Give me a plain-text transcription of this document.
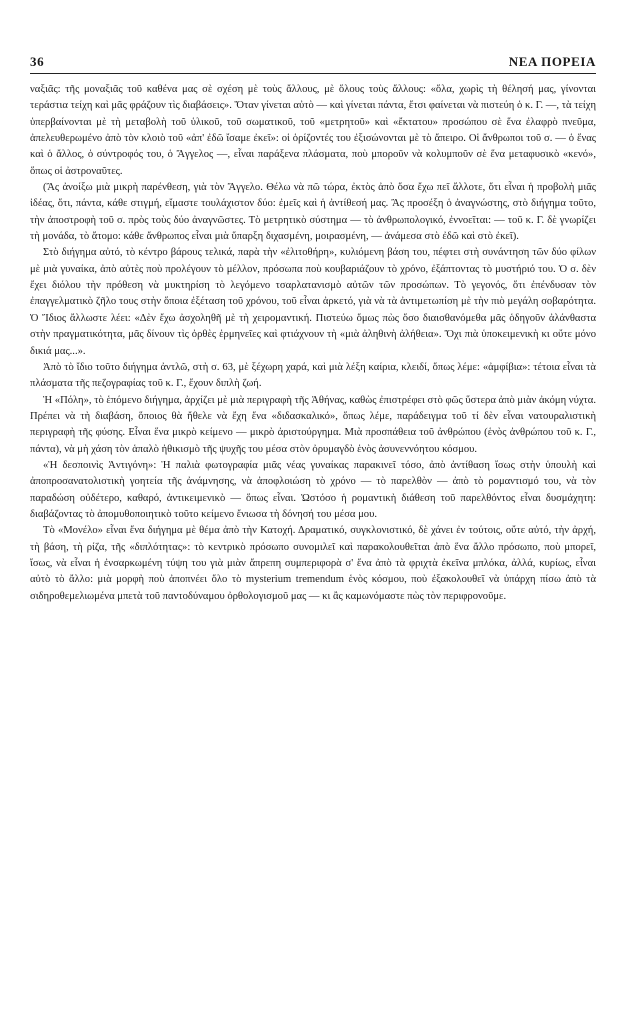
36	ΝΕΑ ΠΟΡΕΙΑ

ναξιᾶς: τῆς μοναξιᾶς τοῦ καθένα μας σὲ σχέση μὲ τοὺς ἄλλους, μὲ ὅλους τοὺς ἄλλους: «ὅλα, χωρὶς τὴ θέλησή μας, γίνονται τεράστια τείχη καὶ μᾶς φράζουν τὶς διαβάσεις». Ὅταν γίνεται αὐτὸ — καὶ γίνεται πάντα, ἔτσι φαίνεται νὰ πιστεύη ὁ κ. Γ. —, τὰ τείχη ὑπερβαίνονται μὲ τὴ μεταβολὴ τοῦ ὑλικοῦ, τοῦ σωματικοῦ, τοῦ «μετρητοῦ» καὶ «ἔκτατου» προσώπου σὲ ἕνα ἐλαφρὸ πνεῦμα, ἀπελευθερωμένο ἀπὸ τὸν κλοιὸ τοῦ «ἀπ' ἐδῶ ἴσαμε ἐκεῖ»: οἱ ὁρίζοντές του ἐξισώνονται μὲ τὸ ἄπειρο. Οἱ ἄνθρωποι τοῦ σ. — ὁ ἕνας καὶ ὁ ἄλλος, ὁ σύντροφός του, ὁ Ἄγγελος —, εἶναι παράξενα πλάσματα, ποὺ μποροῦν νὰ κολυμποῦν σὲ ἕνα μεταφυσικὸ «κενό», ὅπως οἱ ἀστροναῦτες.

(Ἂς ἀνοίξω μιὰ μικρὴ παρένθεση, γιὰ τὸν Ἄγγελο. Θέλω νὰ πῶ τώρα, ἐκτὸς ἀπὸ ὅσα ἔχω πεῖ ἄλλοτε, ὅτι εἶναι ἡ προβολὴ μιᾶς ἰδέας, ὅτι, πάντα, κάθε στιγμή, εἴμαστε τουλάχιστον δύο: ἐμεῖς καὶ ἡ ἀντίθεσή μας. Ἂς προσέξη ὁ ἀναγνώστης, στὸ διήγημα τοῦτο, τὴν ἀποστροφὴ τοῦ σ. πρὸς τοὺς δύο ἀναγνῶστες. Τὸ μετρητικὸ σύστημα — τὸ ἀνθρωπολογικό, ἐννοεῖται: — τοῦ κ. Γ. δὲ γνωρίζει τὴ μονάδα, τὸ ἄτομο: κάθε ἄνθρωπος εἶναι μιὰ ὕπαρξη διχασμένη, μοιρασμένη, — ἀνάμεσα στὸ ἐδῶ καὶ στὸ ἐκεῖ).

Στὸ διήγημα αὐτό, τὸ κέντρο βάρους τελικά, παρὰ τὴν «ἐλιτοθήρη», κυλιόμενη βάση του, πέφτει στὴ συνάντηση τῶν δύο φίλων μὲ μιὰ γυναίκα, ἀπὸ αὐτὲς ποὺ προλέγουν τὸ μέλλον, πρόσωπα ποὺ κουβαριάζουν τὸ χρόνο, ἐξάπτοντας τὸ μυστήριό του. Ὁ σ. δὲν ἔχει διόλου τὴν πρόθεση νὰ μυκτηρίση τὸ λεγόμενο τσαρλατανισμὸ αὐτῶν τῶν προσώπων. Τὸ γεγονός, ὅτι ἐπένδυσαν τὸν ἐπαγγελματικὸ ζῆλο τους στὴν ὅποια ἐξέταση τοῦ χρόνου, τοῦ εἶναι ἀρκετό, γιὰ νὰ τὰ ἀντιμετωπίση μὲ τὴν πιὸ μεγάλη σοβαρότητα. Ὁ Ἴδιος ἄλλωστε λέει: «Δὲν ἔχω ἀσχοληθῆ μὲ τὴ χειρομαντική. Πιστεύω ὅμως πὼς ὅσο διαισθανόμεθα μᾶς ὁδηγοῦν ἀλάνθαστα στὴν πραγματικότητα, μᾶς δίνουν τὶς ὀρθὲς ἑρμηνεῖες καὶ φτιάχνουν τὴ «μιὰ ἀληθινὴ ἀλήθεια». Ὄχι πιὰ ὑποκειμενικὴ κι οὔτε μόνο δικιά μας...».

Ἀπὸ τὸ ἴδιο τοῦτο διήγημα ἀντλῶ, στὴ σ. 63, μὲ ξέχωρη χαρά, καὶ μιὰ λέξη καίρια, κλειδί, ὅπως λέμε: «ἀμφίβια»: τέτοια εἶναι τὰ πλάσματα τῆς πεζογραφίας τοῦ κ. Γ., ἔχουν διπλὴ ζωή.

Ἡ «Πόλη», τὸ ἑπόμενο διήγημα, ἀρχίζει μὲ μιὰ περιγραφὴ τῆς Ἀθήνας, καθὼς ἐπιστρέφει στὸ φῶς ὕστερα ἀπὸ μιὰν ἀκόμη νύχτα. Πρέπει νὰ τὴ διαβάση, ὅποιος θὰ ἤθελε νὰ ἔχη ἕνα «διδασκαλικό», ὅπως λέμε, παράδειγμα τοῦ τί δὲν εἶναι νατουραλιστικὴ περιγραφὴ τῆς φύσης. Εἶναι ἕνα μικρὸ κείμενο — μικρὸ ἀριστούργημα. Μιὰ προσπάθεια τοῦ ἀνθρώπου (ἑνὸς ἀνθρώπου τοῦ κ. Γ., πάντα), νὰ μὴ χάση τὸν ἁπαλὸ ἠθικισμὸ τῆς ψυχῆς του μέσα στὸν ὀρυμαγδὸ ἑνὸς ἀσυνεννόητου κόσμου.

«Ἡ δεσποινὶς Ἀντιγόνη»: Ἡ παλιὰ φωτογραφία μιᾶς νέας γυναίκας παρακινεῖ τόσο, ἀπὸ ἀντίθαση ἴσως στὴν ὑπουλὴ καὶ ἀποπροσανατολιστικὴ γοητεία τῆς ἀνάμνησης, νὰ ἀποφλοιώση τὸ χρόνο — τὸ παρελθὸν — ἀπὸ τὸ ρομαντισμό του, νὰ τὸν παραδώση οὐδέτερο, καθαρό, ἀντικειμενικὸ — ὅπως εἶναι. Ὡστόσο ἡ ρομαντικὴ διάθεση τοῦ παρελθόντος εἶναι δυσμάχητη: διαβάζοντας τὸ ἀπομυθοποιητικὸ τοῦτο κείμενο ἔνιωσα τὴ δόνησή του μέσα μου.

Τὸ «Μονέλο» εἶναι ἕνα διήγημα μὲ θέμα ἀπὸ τὴν Κατοχή. Δραματικό, συγκλονιστικό, δὲ χάνει ἐν τούτοις, οὔτε αὐτό, τὴν ἀρχή, τὴ βάση, τὴ ρίζα, τῆς «διπλότητας»: τὸ κεντρικὸ πρόσωπο συνομιλεῖ καὶ παρακολουθεῖται ἀπὸ ἕνα ἄλλο πρόσωπο, ποὺ μπορεῖ, ἴσως, νὰ εἶναι ἡ ἐνσαρκωμένη τύψη του γιὰ μιὰν ἄπρεπη συμπεριφορὰ σ' ἕνα ἀπὸ τὰ φριχτὰ ἐκεῖνα μπλόκα, ἀλλά, κυρίως, εἶναι αὐτὸ τὸ ἄλλο: μιὰ μορφὴ ποὺ ἀποπνέει ὅλο τὸ mysterium tremendum ἑνὸς κόσμου, ποὺ ἐξακολουθεῖ νὰ ὑπάρχη πίσω ἀπὸ τὰ σιδηροθεμελιωμένα μπετὰ τοῦ παντοδύναμου ὀρθολογισμοῦ μας — κι ἂς καμωνόμαστε πὼς τὸν περιφρονοῦμε.
